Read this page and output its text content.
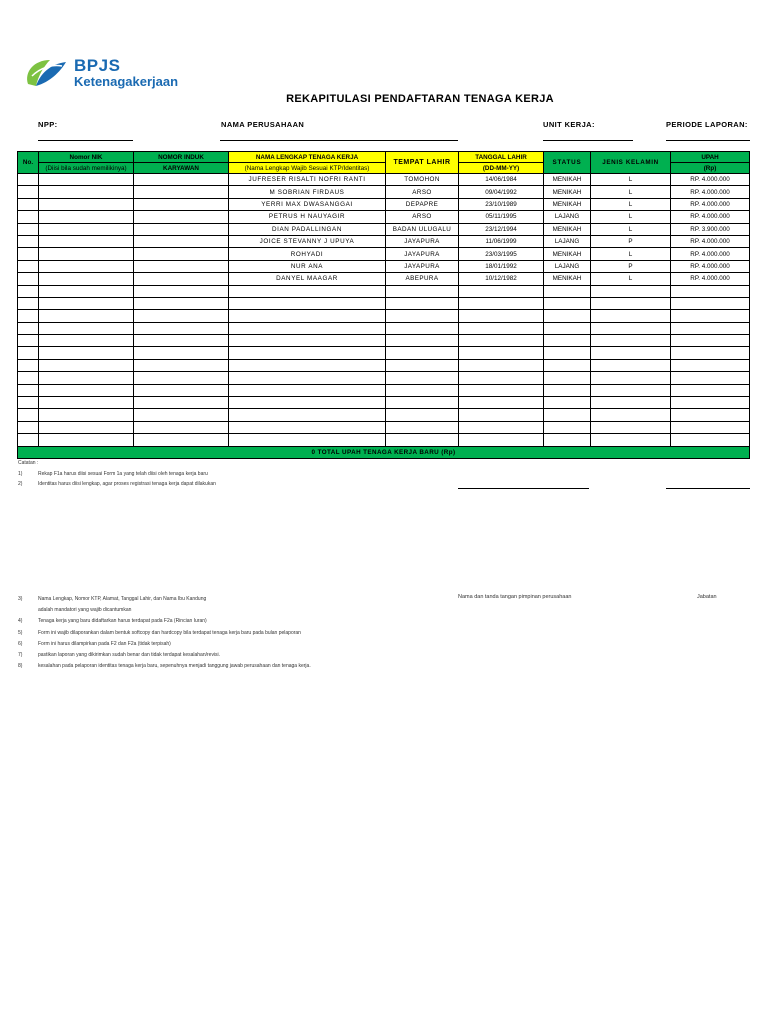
BPJS
Ketenagakerjaan
REKAPITULASI PENDAFTARAN TENAGA KERJA
NPP:	NAMA PERUSAHAAN	UNIT KERJA:	PERIODE LAPORAN:
No.	Nomor NIK	NOMOR INDUK	NAMA LENGKAP TENAGA KERJA	TEMPAT LAHIR	TANGGAL LAHIR	STATUS	JENIS KELAMIN	UPAH
	(Diisi bila sudah memilikinya)	KARYAWAN	(Nama Lengkap Wajib Sesuai KTP/Identitas)		(DD-MM-YY)			(Rp)
			JUFRESER RISALTI NOFRI RANTI	TOMOHON	14/06/1984	MENIKAH	L	RP. 4.000.000
			M SOBRIAN FIRDAUS	ARSO	09/04/1992	MENIKAH	L	RP. 4.000.000
			YERRI MAX DWASANGGAI	DEPAPRE	23/10/1989	MENIKAH	L	RP. 4.000.000
			PETRUS H NAUYAGIR	ARSO	05/11/1995	LAJANG	L	RP. 4.000.000
			DIAN PADALLINGAN	BADAN ULUGALU	23/12/1994	MENIKAH	L	RP. 3.900.000
			JOICE STEVANNY J UPUYA	JAYAPURA	11/06/1999	LAJANG	P	RP. 4.000.000
			ROHYADI	JAYAPURA	23/03/1995	MENIKAH	L	RP. 4.000.000
			NUR ANA	JAYAPURA	18/01/1992	LAJANG	P	RP. 4.000.000
			DANYEL MAAGAR	ABEPURA	10/12/1982	MENIKAH	L	RP. 4.000.000

0 TOTAL UPAH TENAGA KERJA BARU (Rp)								
Catatan :
1)	Rekap F1a harus diisi sesuai Form 1a yang telah diisi oleh tenaga kerja baru
2)	Identitas harus diisi lengkap, agar proses registrasi tenaga kerja dapat dilakukan
3)	Nama Lengkap, Nomor KTP, Alamat, Tanggal Lahir, dan Nama Ibu Kandung
adalah mandatori yang wajib dicantumkan
4)	Tenaga kerja yang baru didaftarkan harus terdapat pada F2a (Rincian Iuran)
5)	Form ini wajib dilaporankan dalam bentuk softcopy dan hardcopy bila terdapat tenaga kerja baru pada bulan pelaporan
6)	Form ini harus dilampirkan pada F2 dan F2a (tidak terpisah)
7)	pastikan laporan yang dikirimkan sudah benar dan tidak terdapat kesalahan/revisi.
8)	kesalahan pada pelaporan identitas tenaga kerja baru, sepenuhnya menjadi tanggung jawab perusahaan dan tenaga kerja.
Nama dan tanda tangan pimpinan perusahaan	Jabatan
